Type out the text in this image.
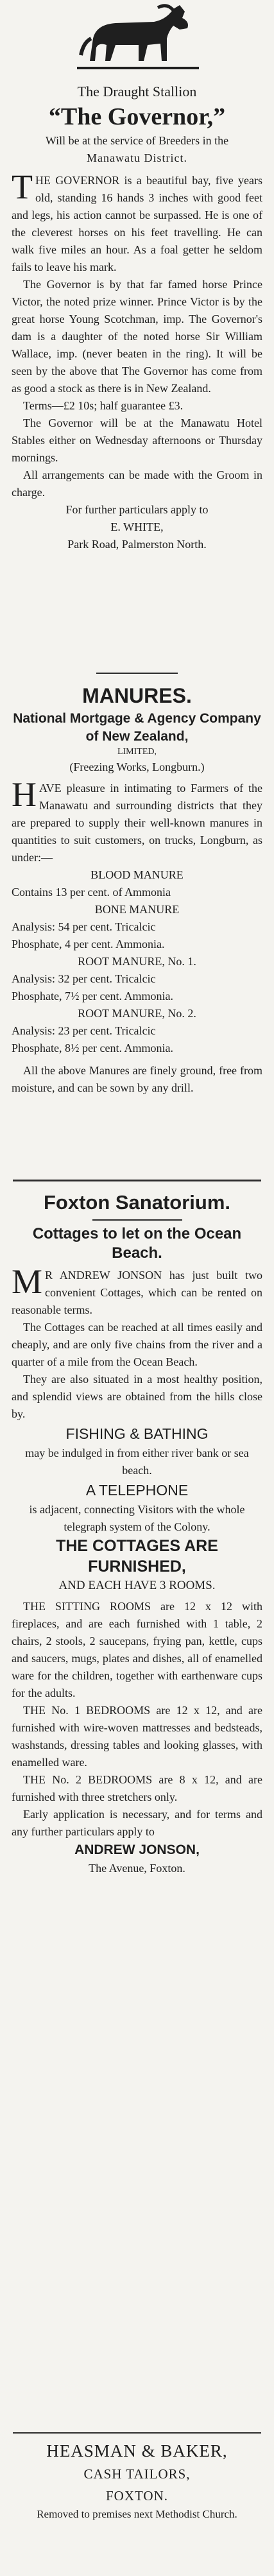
The Draught Stallion

“The Governor,”

Will be at the service of Breeders in the

Manawatu District.

THE GOVERNOR is a beautiful bay, five years old, standing 16 hands 3 inches with good feet and legs, his action cannot be surpassed. He is one of the cleverest horses on his feet travelling. He can walk five miles an hour. As a foal getter he seldom fails to leave his mark.

The Governor is by that far famed horse Prince Victor, the noted prize winner. Prince Victor is by the great horse Young Scotchman, imp. The Governor's dam is a daughter of the noted horse Sir William Wallace, imp. (never beaten in the ring). It will be seen by the above that The Governor has come from as good a stock as there is in New Zealand.

Terms—£2 10s; half guarantee £3.

The Governor will be at the Manawatu Hotel Stables either on Wednesday afternoons or Thursday mornings.

All arrangements can be made with the Groom in charge.

For further particulars apply to

E. WHITE,

Park Road, Palmerston North.

MANURES.

National Mortgage & Agency Company of New Zealand,

LIMITED,

(Freezing Works, Longburn.)

HAVE pleasure in intimating to Farmers of the Manawatu and surrounding districts that they are prepared to supply their well-known manures in quantities to suit customers, on trucks, Longburn, as under:—

BLOOD MANURE

Contains 13 per cent. of Ammonia

BONE MANURE

Analysis: 54 per cent. Tricalcic

Phosphate, 4 per cent. Ammonia.

ROOT MANURE, No. 1.

Analysis: 32 per cent. Tricalcic

Phosphate, 7½ per cent. Ammonia.

ROOT MANURE, No. 2.

Analysis: 23 per cent. Tricalcic

Phosphate, 8½ per cent. Ammonia.

All the above Manures are finely ground, free from moisture, and can be sown by any drill.

Foxton Sanatorium.

Cottages to let on the Ocean Beach.

MR ANDREW JONSON has just built two convenient Cottages, which can be rented on reasonable terms.

The Cottages can be reached at all times easily and cheaply, and are only five chains from the river and a quarter of a mile from the Ocean Beach.

They are also situated in a most healthy position, and splendid views are obtained from the hills close by.

FISHING & BATHING

may be indulged in from either river bank or sea beach.

A TELEPHONE

is adjacent, connecting Visitors with the whole telegraph system of the Colony.

THE COTTAGES ARE

FURNISHED,

AND EACH HAVE 3 ROOMS.

THE SITTING ROOMS are 12 x 12 with fireplaces, and are each furnished with 1 table, 2 chairs, 2 stools, 2 saucepans, frying pan, kettle, cups and saucers, mugs, plates and dishes, all of enamelled ware for the children, together with earthenware cups for the adults.

THE No. 1 BEDROOMS are 12 x 12, and are furnished with wire-woven mattresses and bedsteads, washstands, dressing tables and looking glasses, with enamelled ware.

THE No. 2 BEDROOMS are 8 x 12, and are furnished with three stretchers only.

Early application is necessary, and for terms and any further particulars apply to

ANDREW JONSON,

The Avenue, Foxton.

HEASMAN & BAKER,

CASH TAILORS,

FOXTON.

Removed to premises next Methodist Church.
